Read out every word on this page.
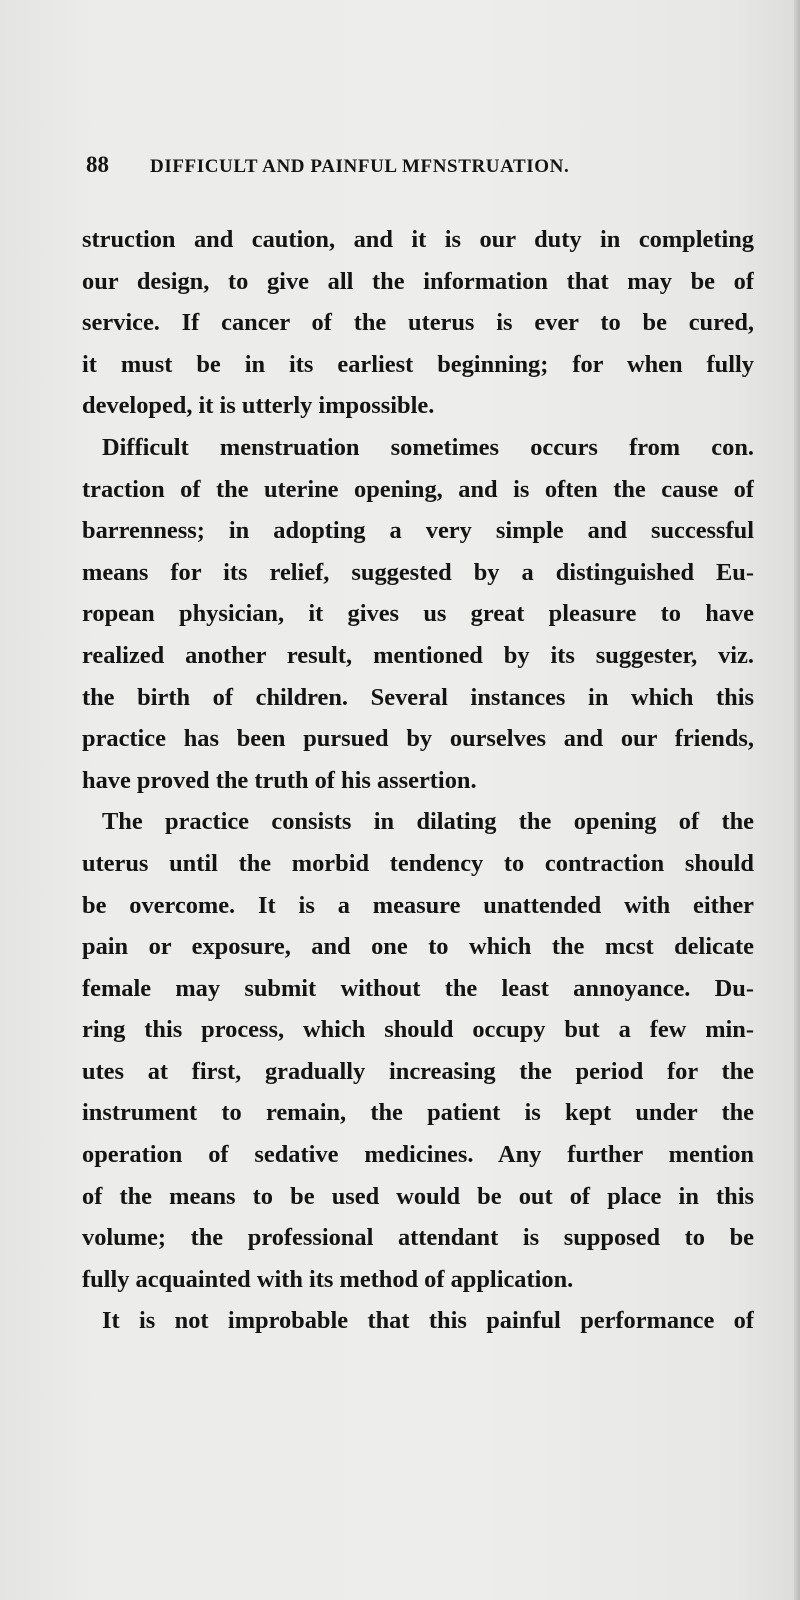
88 DIFFICULT AND PAINFUL MFNSTRUATION.
struction and caution, and it is our duty in completing
our design, to give all the information that may be of
service. If cancer of the uterus is ever to be cured,
it must be in its earliest beginning; for when fully
developed, it is utterly impossible.
Difficult menstruation sometimes occurs from con.
traction of the uterine opening, and is often the cause of
barrenness; in adopting a very simple and successful
means for its relief, suggested by a distinguished Eu-
ropean physician, it gives us great pleasure to have
realized another result, mentioned by its suggester, viz.
the birth of children. Several instances in which this
practice has been pursued by ourselves and our friends,
have proved the truth of his assertion.
The practice consists in dilating the opening of the
uterus until the morbid tendency to contraction should
be overcome. It is a measure unattended with either
pain or exposure, and one to which the mcst delicate
female may submit without the least annoyance. Du-
ring this process, which should occupy but a few min-
utes at first, gradually increasing the period for the
instrument to remain, the patient is kept under the
operation of sedative medicines. Any further mention
of the means to be used would be out of place in this
volume; the professional attendant is supposed to be
fully acquainted with its method of application.
It is not improbable that this painful performance of
